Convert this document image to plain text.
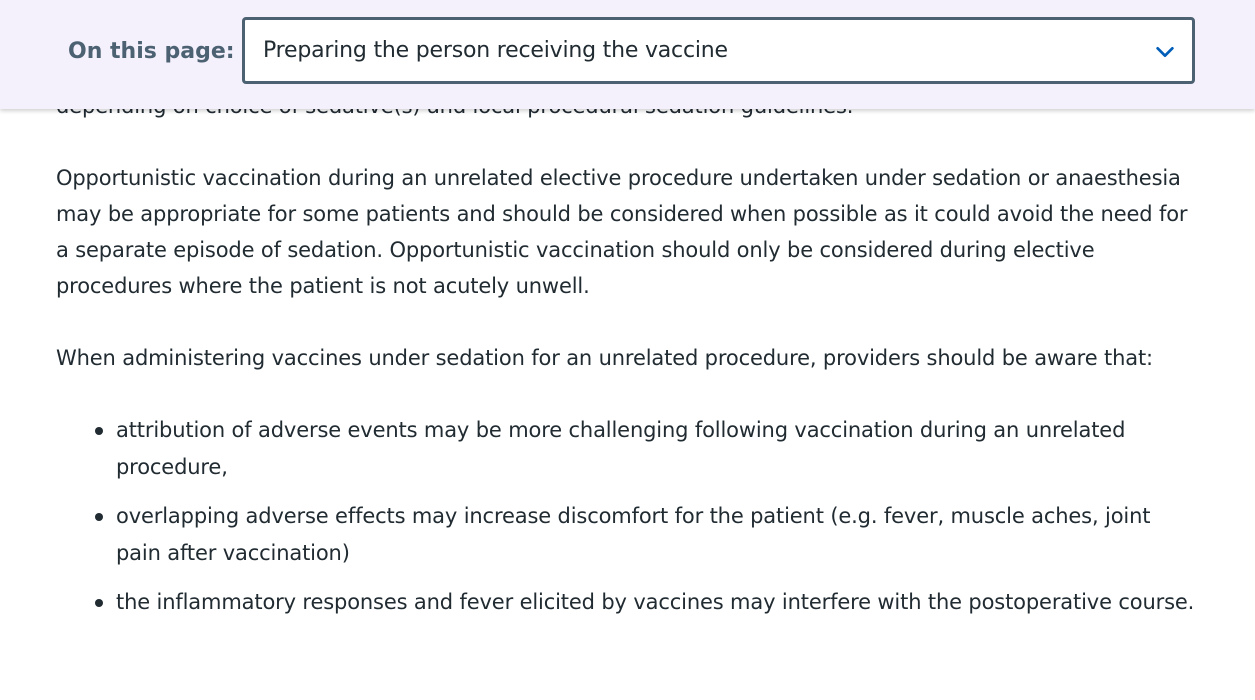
Opportunistic vaccination during an unrelated elective procedure undertaken under sedation or anaesthesia may be appropriate for some patients and should be considered when possible as it could avoid the need for a separate episode of sedation. Opportunistic vaccination should only be considered during elective procedures where the patient is not acutely unwell.

When administering vaccines under sedation for an unrelated procedure, providers should be aware that:

attribution of adverse events may be more challenging following vaccination during an unrelated procedure,
overlapping adverse effects may increase discomfort for the patient (e.g. fever, muscle aches, joint pain after vaccination)
the inflammatory responses and fever elicited by vaccines may interfere with the postoperative course.
On this page: Preparing the person receiving the vaccine
